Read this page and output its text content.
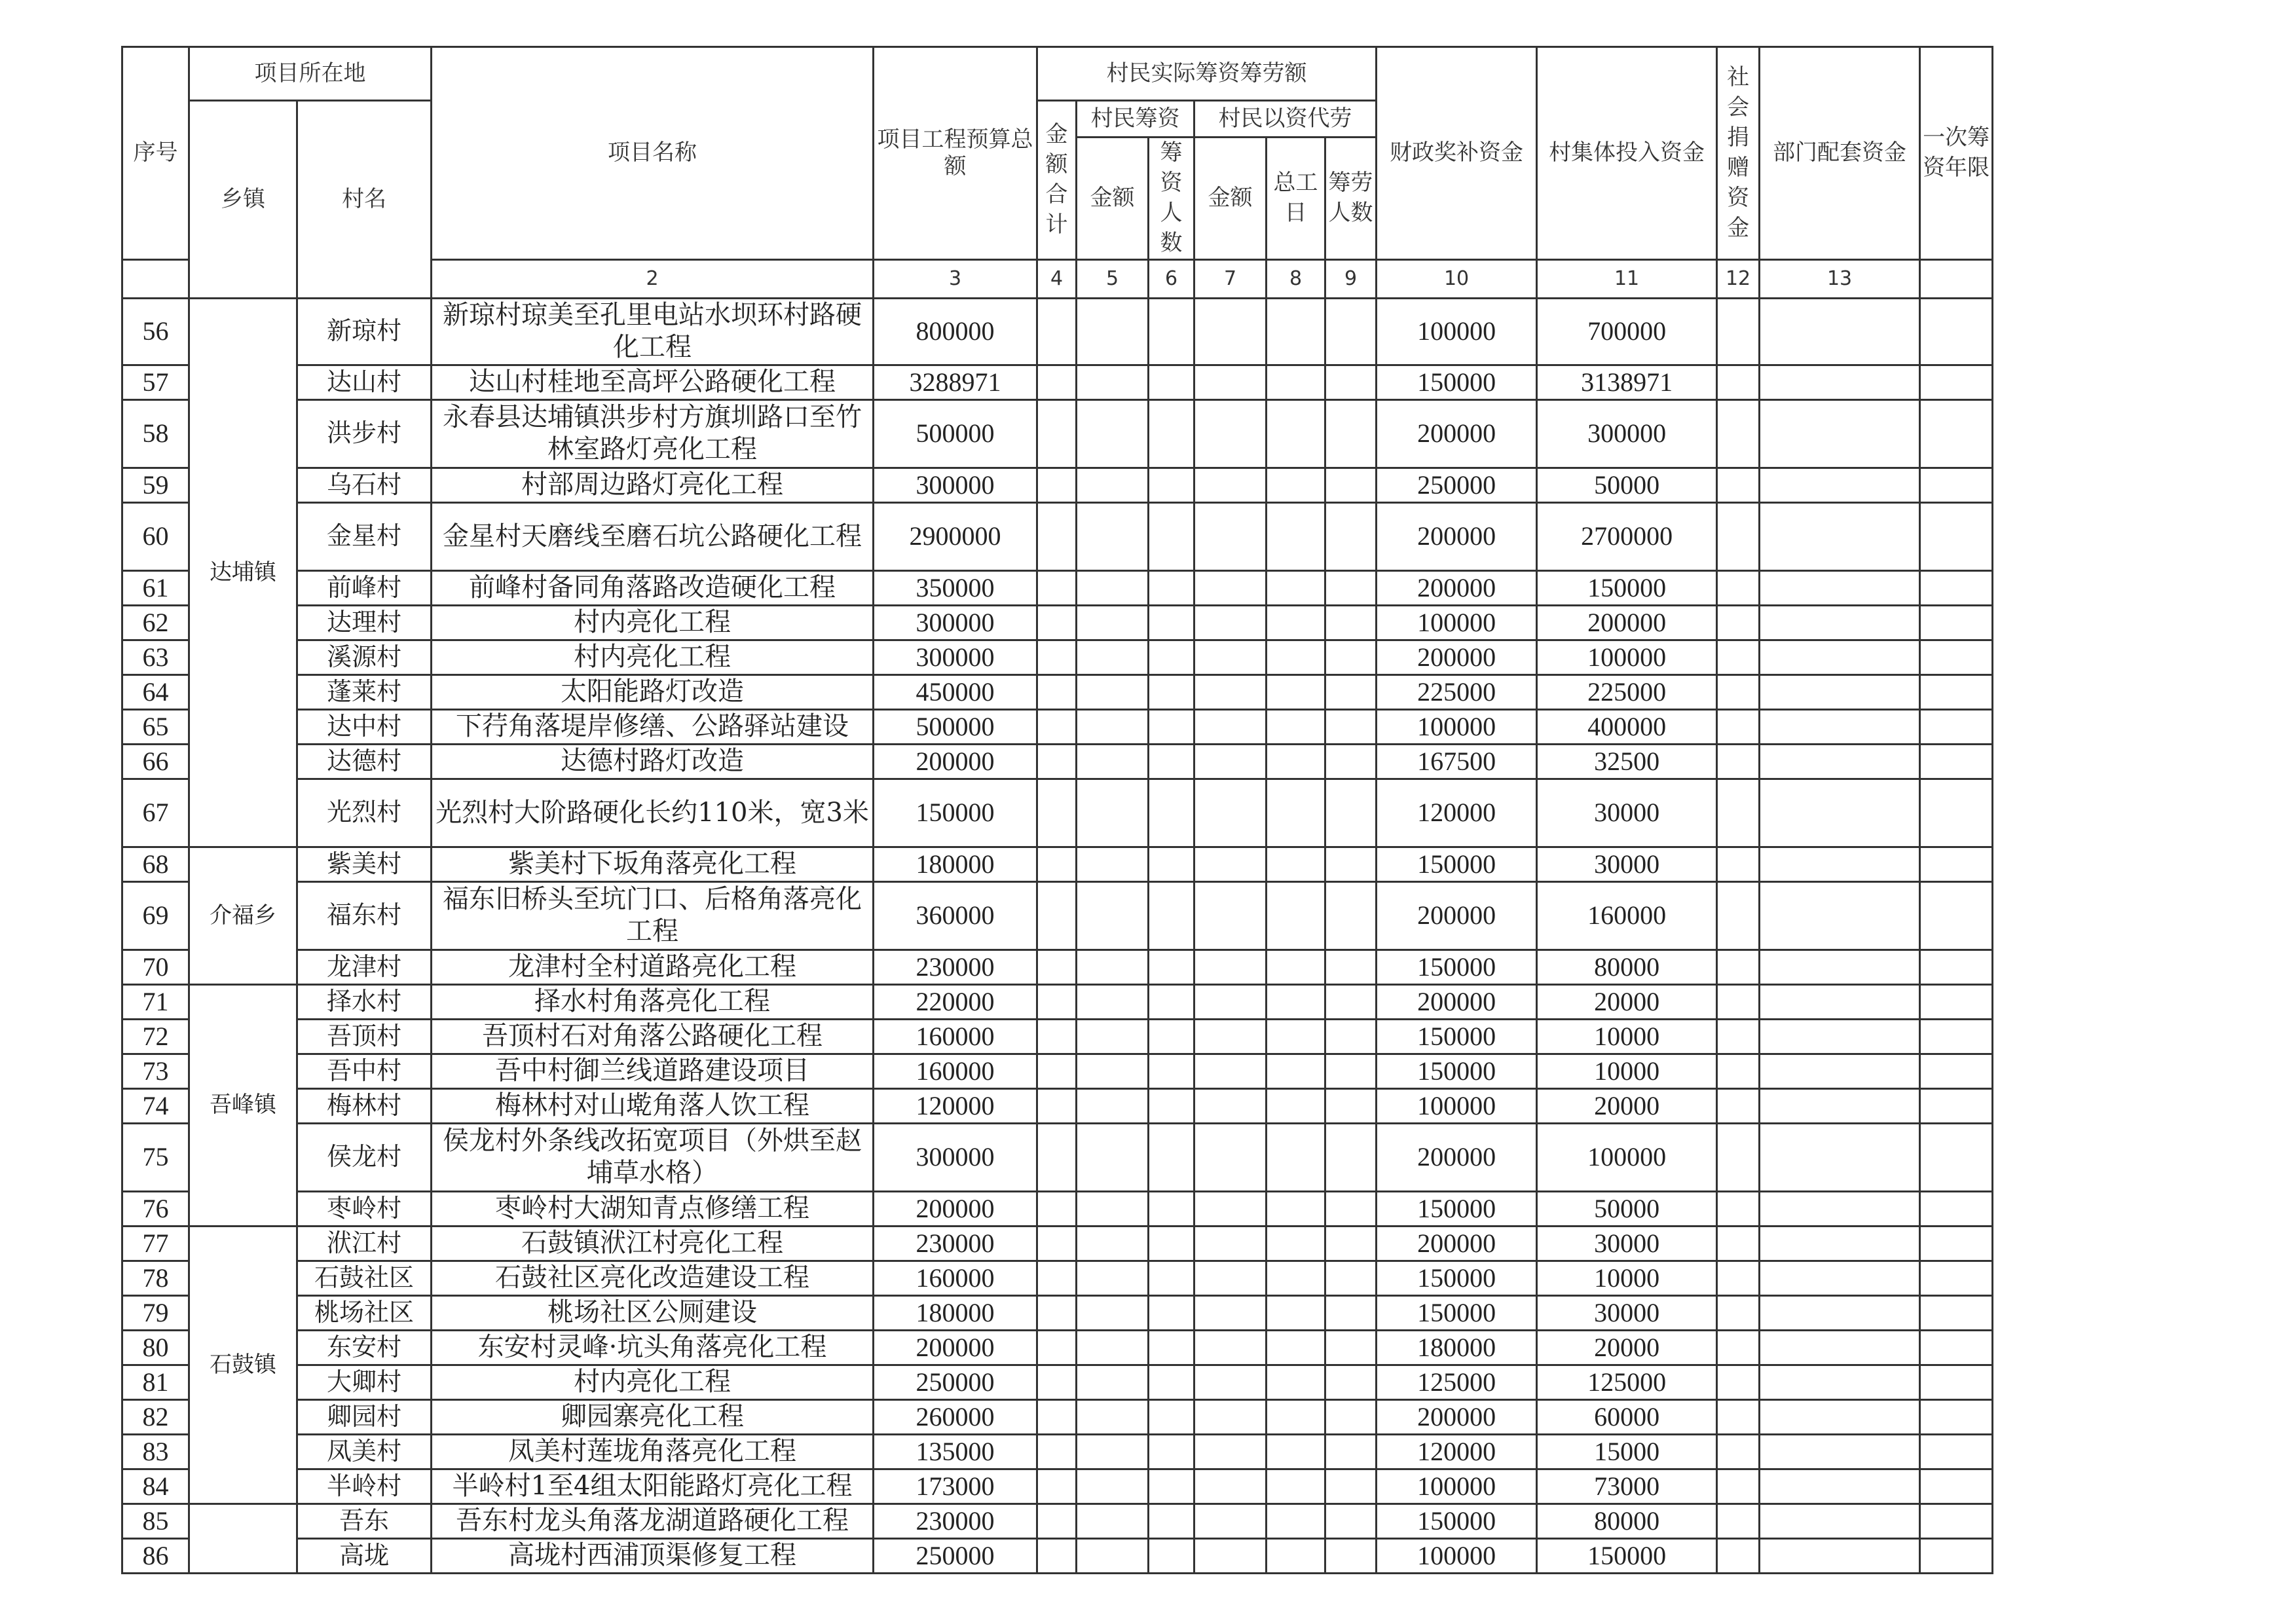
序号	项目所在地		项目名称	项目工程预算总额	村民实际筹资筹劳额						财政奖补资金	村集体投入资金	社会捐赠资金	部门配套资金	一次筹资年限
	乡镇	村名			金额合计	村民筹资		村民以资代劳							
						金额	筹资人数	金额	总工日	筹劳人数					
			2	3	4	5	6	7	8	9	10	11	12	13	
56	达埔镇	新琼村	新琼村琼美至孔里电站水坝环村路硬化工程	800000							100000	700000			
57		达山村	达山村桂地至高坪公路硬化工程	3288971							150000	3138971			
58		洪步村	永春县达埔镇洪步村方旗圳路口至竹林室路灯亮化工程	500000							200000	300000			
59		乌石村	村部周边路灯亮化工程	300000							250000	50000			
60		金星村	金星村天磨线至磨石坑公路硬化工程	2900000							200000	2700000			
61		前峰村	前峰村备同角落路改造硬化工程	350000							200000	150000			
62		达理村	村内亮化工程	300000							100000	200000			
63		溪源村	村内亮化工程	300000							200000	100000			
64		蓬莱村	太阳能路灯改造	450000							225000	225000			
65		达中村	下荇角落堤岸修缮、公路驿站建设	500000							100000	400000			
66		达德村	达德村路灯改造	200000							167500	32500			
67		光烈村	光烈村大阶路硬化长约110米，宽3米	150000							120000	30000			
68	介福乡	紫美村	紫美村下坂角落亮化工程	180000							150000	30000			
69		福东村	福东旧桥头至坑门口、后格角落亮化工程	360000							200000	160000			
70		龙津村	龙津村全村道路亮化工程	230000							150000	80000			
71	吾峰镇	择水村	择水村角落亮化工程	220000							200000	20000			
72		吾顶村	吾顶村石对角落公路硬化工程	160000							150000	10000			
73		吾中村	吾中村御兰线道路建设项目	160000							150000	10000			
74		梅林村	梅林村对山墘角落人饮工程	120000							100000	20000			
75		侯龙村	侯龙村外条线改拓宽项目（外烘至赵埔草水格）	300000							200000	100000			
76		枣岭村	枣岭村大湖知青点修缮工程	200000							150000	50000			
77	石鼓镇	洑江村	石鼓镇洑江村亮化工程	230000							200000	30000			
78		石鼓社区	石鼓社区亮化改造建设工程	160000							150000	10000			
79		桃场社区	桃场社区公厕建设	180000							150000	30000			
80		东安村	东安村灵峰·坑头角落亮化工程	200000							180000	20000			
81		大卿村	村内亮化工程	250000							125000	125000			
82		卿园村	卿园寨亮化工程	260000							200000	60000			
83		凤美村	凤美村莲垅角落亮化工程	135000							120000	15000			
84		半岭村	半岭村1至4组太阳能路灯亮化工程	173000							100000	73000			
85		吾东	吾东村龙头角落龙湖道路硬化工程	230000							150000	80000			
86		高垅	高垅村西浦顶渠修复工程	250000							100000	150000			
